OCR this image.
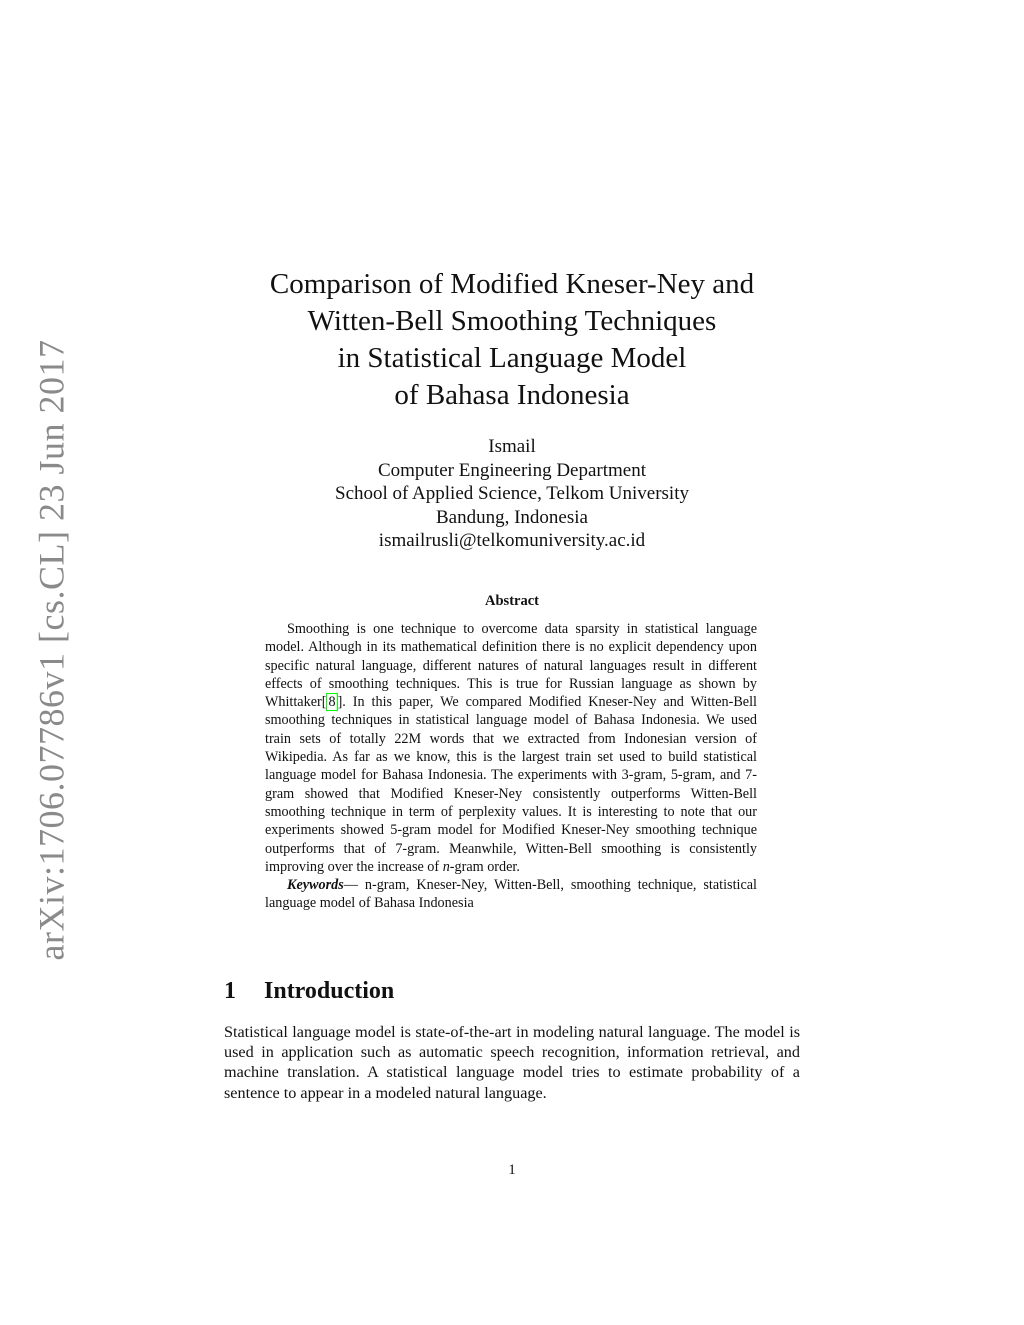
arXiv:1706.07786v1 [cs.CL] 23 Jun 2017
Comparison of Modified Kneser-Ney and
Witten-Bell Smoothing Techniques
in Statistical Language Model
of Bahasa Indonesia
Ismail
Computer Engineering Department
School of Applied Science, Telkom University
Bandung, Indonesia
ismailrusli@telkomuniversity.ac.id
Abstract

Smoothing is one technique to overcome data sparsity in statistical language model. Although in its mathematical definition there is no explicit dependency upon specific natural language, different natures of natural languages result in different effects of smoothing techniques. This is true for Russian language as shown by Whittaker[ 8 ]. In this paper, We compared Modified Kneser-Ney and Witten-Bell smoothing techniques in statistical language model of Bahasa Indonesia. We used train sets of totally 22M words that we extracted from Indonesian version of Wikipedia. As far as we know, this is the largest train set used to build statistical language model for Bahasa Indonesia. The experiments with 3-gram, 5-gram, and 7-gram showed that Modified Kneser-Ney consistently outperforms Witten-Bell smoothing technique in term of perplexity values. It is interesting to note that our experiments showed 5-gram model for Modified Kneser-Ney smoothing technique outperforms that of 7-gram. Meanwhile, Witten-Bell smoothing is consistently improving over the increase of n-gram order.

Keywords— n-gram, Kneser-Ney, Witten-Bell, smoothing technique, statistical language model of Bahasa Indonesia

1 Introduction

Statistical language model is state-of-the-art in modeling natural language. The model is used in application such as automatic speech recognition, information retrieval, and machine translation. A statistical language model tries to estimate probability of a sentence to appear in a modeled natural language.

1
